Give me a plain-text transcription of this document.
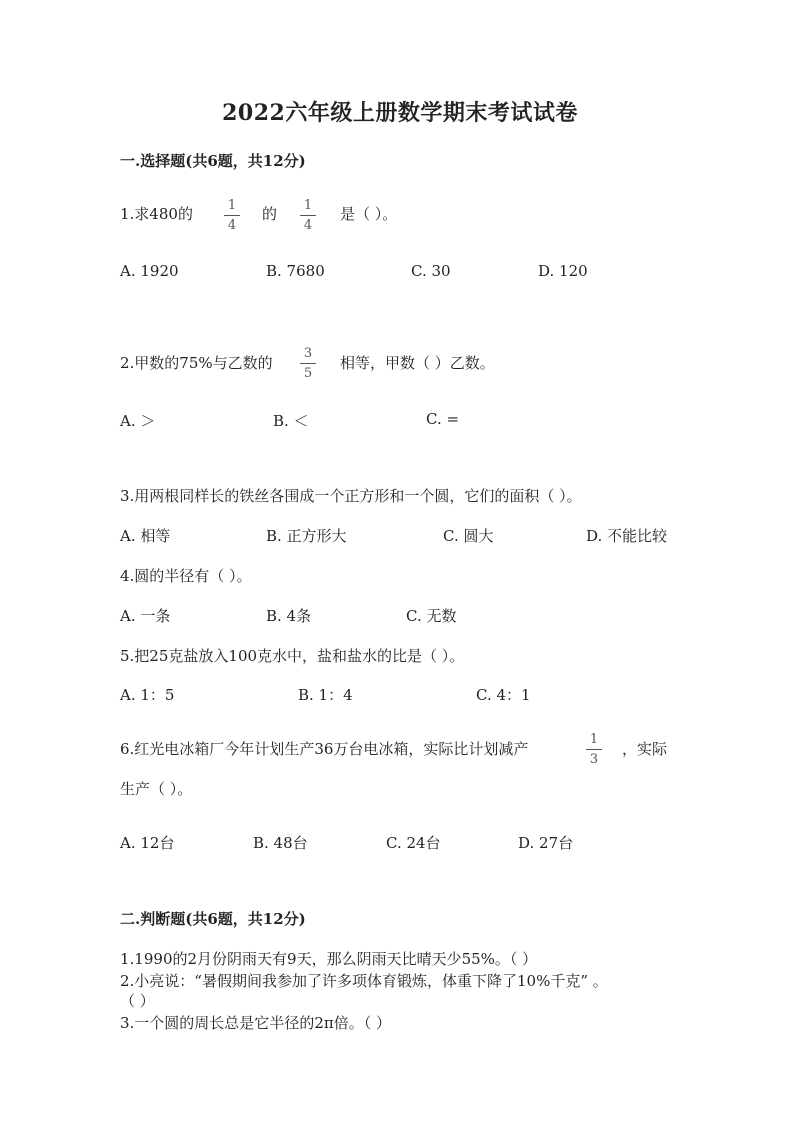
2022六年级上册数学期末考试试卷
一.选择题(共6题，共12分)
1.求480的	1
4
的 1
4
是（ ）。
A. 1920	B. 7680	C. 30	D. 120
2.甲数的75%与乙数的
3
5
相等，甲数（ ）乙数。
A. ＞	B. ＜	C. =
3.用两根同样长的铁丝各围成一个正方形和一个圆，它们的面积（ ）。
A. 相等	B. 正方形大	C. 圆大	D. 不能比较
4.圆的半径有（ ）。
A. 一条	B. 4条	C. 无数
5.把25克盐放入100克水中，盐和盐水的比是（ ）。
A. 1：5	B. 1：4	C. 4：1
6.红光电冰箱厂今年计划生产36万台电冰箱，实际比计划减产
1
3
，实际
生产（ ）。
A. 12台	B. 48台	C. 24台	D. 27台
二.判断题(共6题，共12分)
1.1990的2月份阴雨天有9天，那么阴雨天比晴天少55%。（ ）
2.小亮说：“暑假期间我参加了许多项体育锻炼，体重下降了10%千克” 。
（ ）
3.一个圆的周长总是它半径的2π倍。（ ）
